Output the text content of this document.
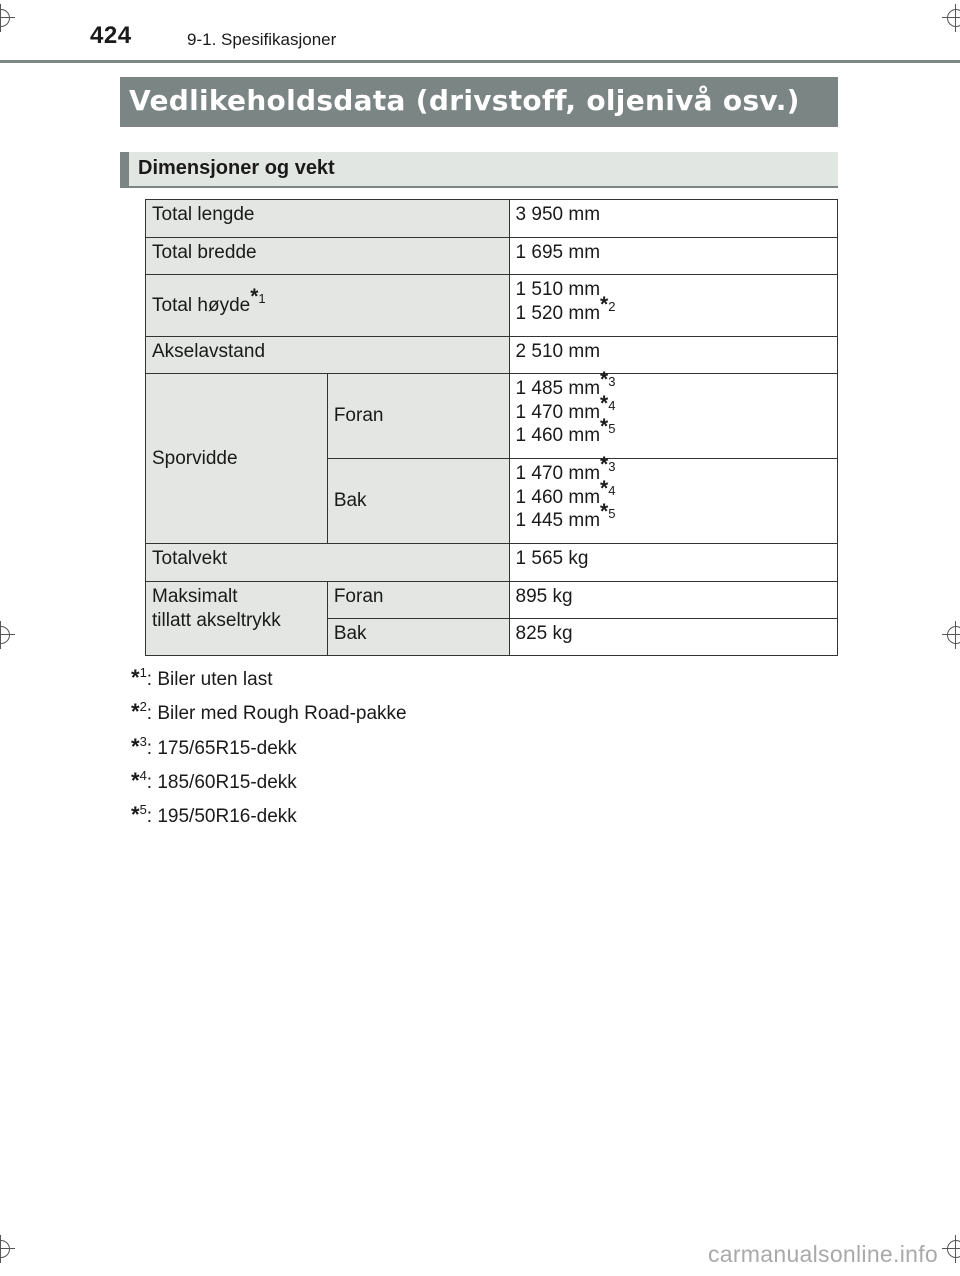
424	9-1. Spesifikasjoner
Vedlikeholdsdata (drivstoff, oljenivå osv.)
Dimensjoner og vekt
Total lengde		3 950 mm
Total bredde		1 695 mm
Total høyde$^{*1}$		1 510 mm
1 520 $mm^{*2}$

Akselavstand		2 510 mm
Sporvidde	Foran	1 485 $mm^{*3}$
1 470 $mm^{*4}$
1 460 $mm^{*5}$

	Bak	1 470 $mm^{*3}$
1 460 $mm^{*4}$
1 445 $mm^{*5}$

Totalvekt		1 565 kg

Maksimalt
tillatt akseltrykk	Foran	895 kg
	Bak	825 kg
*$^1$: Biler uten last
*$^2$: Biler med Rough Road-pakke
*$^3$: 175/65R15-dekk
*$^4$: 185/60R15-dekk
*$^5$: 195/50R16-dekk
carmanualsonline.info
